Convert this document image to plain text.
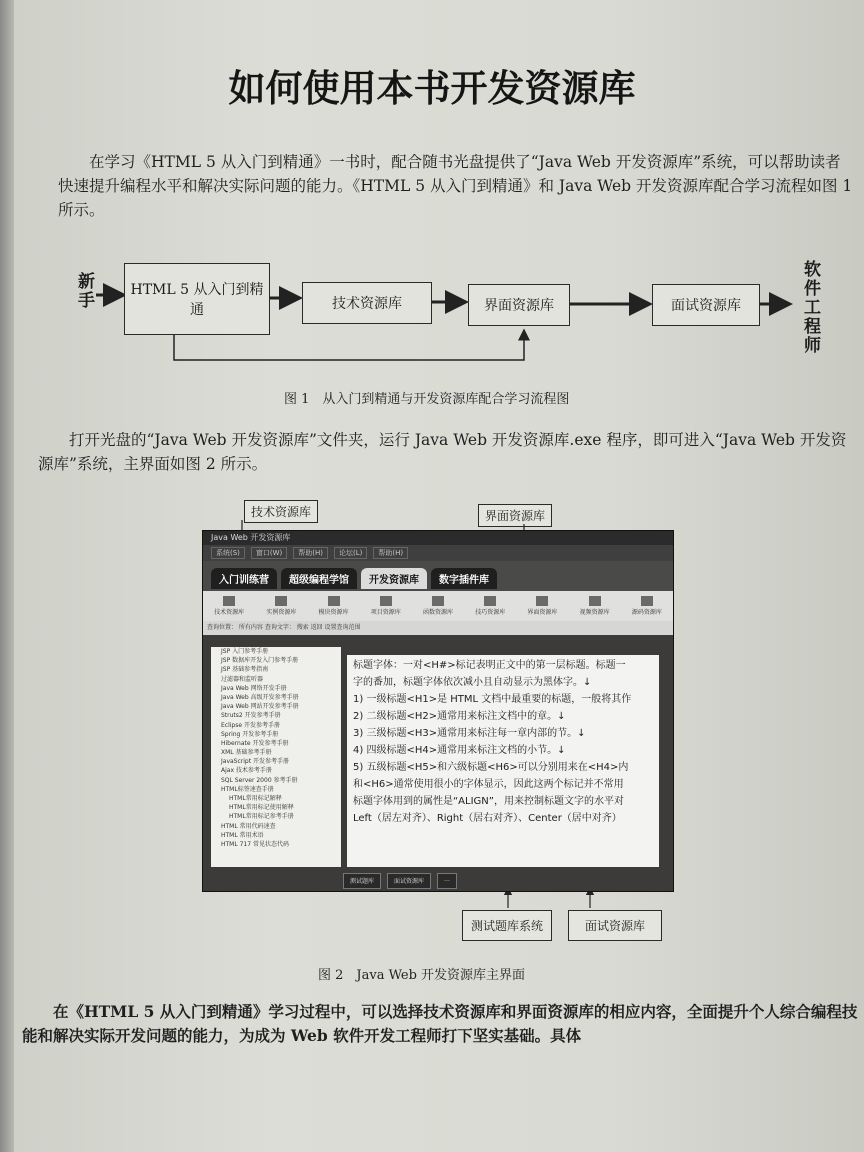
如何使用本书开发资源库
在学习《HTML 5 从入门到精通》一书时，配合随书光盘提供了“Java Web 开发资源库”系统，可以帮助读者快速提升编程水平和解决实际问题的能力。《HTML 5 从入门到精通》和 Java Web 开发资源库配合学习流程如图 1 所示。
新手	HTML 5 从入门到精通	技术资源库	界面资源库	面试资源库	软件工程师
图 1　从入门到精通与开发资源库配合学习流程图
打开光盘的“Java Web 开发资源库”文件夹，运行 Java Web 开发资源库.exe 程序，即可进入“Java Web 开发资源库”系统，主界面如图 2 所示。
技术资源库	界面资源库
测试题库系统	面试资源库
Java Web 开发资源库
系统(S)	窗口(W)	帮助(H)	论坛(L)	帮助(H)
入门训练营	超级编程学馆	开发资源库	数字插件库
技术资源库	实例资源库	模块资源库	项目资源库	函数资源库	技巧资源库	界面资源库	视频资源库	源码资源库
查询位置： 所有内容 查询文字： 搜索 返回 设置查询范围
JSP 入门参考手册
JSP 数据库开发入门参考手册
JSP 基础参考指南
过滤器和监听器
Java Web 网络开发手册
Java Web 高级开发参考手册
Java Web 网站开发参考手册
Struts2 开发参考手册
Eclipse 开发参考手册
Spring 开发参考手册
Hibernate 开发参考手册
XML 基础参考手册
JavaScript 开发参考手册
Ajax 技术参考手册
SQL Server 2000 参考手册
HTML标签速查手册
HTML常用标记解释
HTML常用标记使用解释
HTML常用标记参考手册
HTML 常用代码速查
HTML 常用术语
HTML 717 常见状态代码
标题字体：一对<H#>标记表明正文中的第一层标题。标题一
字的番加，标题字体依次减小且自动显示为黑体字。↓
1) 一级标题<H1>是 HTML 文档中最重要的标题，一般将其作
2) 二级标题<H2>通常用来标注文档中的章。↓
3) 三级标题<H3>通常用来标注每一章内部的节。↓
4) 四级标题<H4>通常用来标注文档的小节。↓
5) 五级标题<H5>和六级标题<H6>可以分别用来在<H4>内
和<H6>通常使用很小的字体显示，因此这两个标记并不常用
标题字体用到的属性是“ALIGN”，用来控制标题文字的水平对
Left（居左对齐）、Right（居右对齐）、Center（居中对齐）
测试题库	面试资源库	…
图 2　Java Web 开发资源库主界面
在《HTML 5 从入门到精通》学习过程中，可以选择技术资源库和界面资源库的相应内容，全面提升个人综合编程技能和解决实际开发问题的能力，为成为 Web 软件开发工程师打下坚实基础。具体
